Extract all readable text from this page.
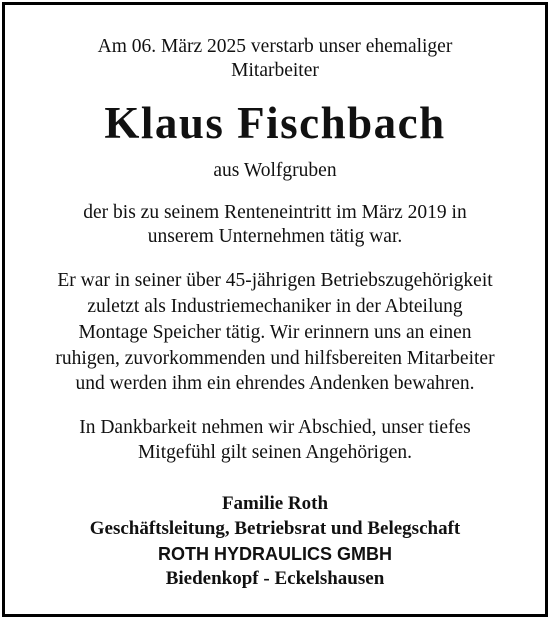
Am 06. März 2025 verstarb unser ehemaliger
Mitarbeiter
Klaus Fischbach
aus Wolfgruben
der bis zu seinem Renteneintritt im März 2019 in
unserem Unternehmen tätig war.
Er war in seiner über 45-jährigen Betriebszugehörigkeit
zuletzt als Industriemechaniker in der Abteilung
Montage Speicher tätig. Wir erinnern uns an einen
ruhigen, zuvorkommenden und hilfsbereiten Mitarbeiter
und werden ihm ein ehrendes Andenken bewahren.
In Dankbarkeit nehmen wir Abschied, unser tiefes
Mitgefühl gilt seinen Angehörigen.
Familie Roth
Geschäftsleitung, Betriebsrat und Belegschaft
ROTH HYDRAULICS GMBH
Biedenkopf - Eckelshausen
